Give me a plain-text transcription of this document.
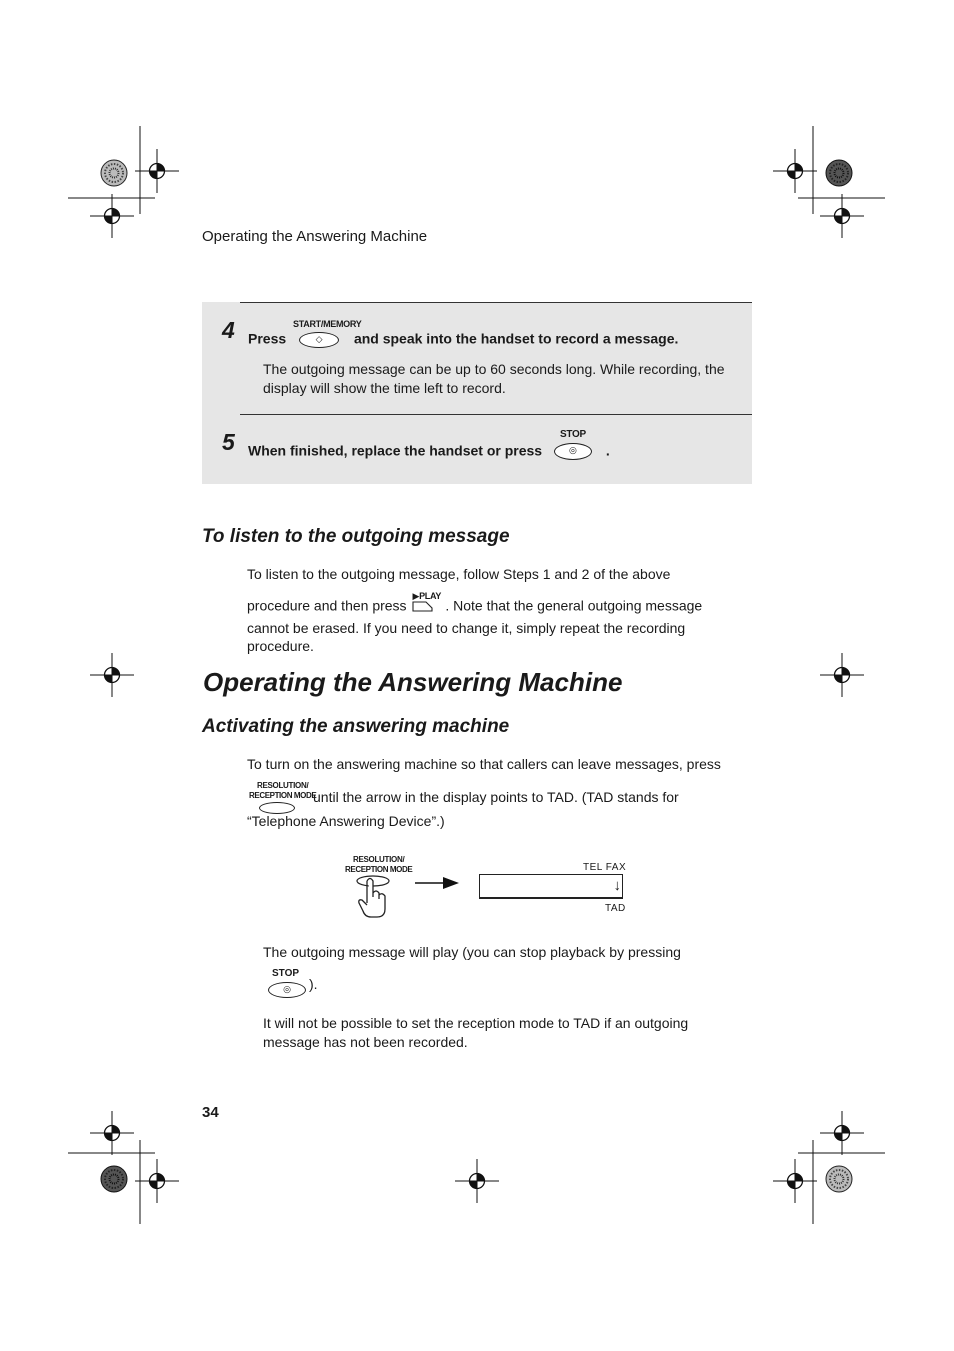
Operating the Answering Machine
4 Press
START/MEMORY
◇	and speak into the handset to record a message.
The outgoing message can be up to 60 seconds long. While recording, the display will show the time left to record.
5 When finished, replace the handset or press
STOP
◎	.
To listen to the outgoing message
To listen to the outgoing message, follow Steps 1 and 2 of the above
procedure and then press
▶PLAY
. Note that the general outgoing message
cannot be erased. If you need to change it, simply repeat the recording
procedure.
Operating the Answering Machine
Activating the answering machine
To turn on the answering machine so that callers can leave messages, press
RESOLUTION/
RECEPTION MODE
until the arrow in the display points to TAD. (TAD stands for
“Telephone Answering Device”.)
RESOLUTION/
RECEPTION MODE	TEL FAX
↓
TAD
The outgoing message will play (you can stop playback by pressing
STOP
◎	).
It will not be possible to set the reception mode to TAD if an outgoing message has not been recorded.
34
